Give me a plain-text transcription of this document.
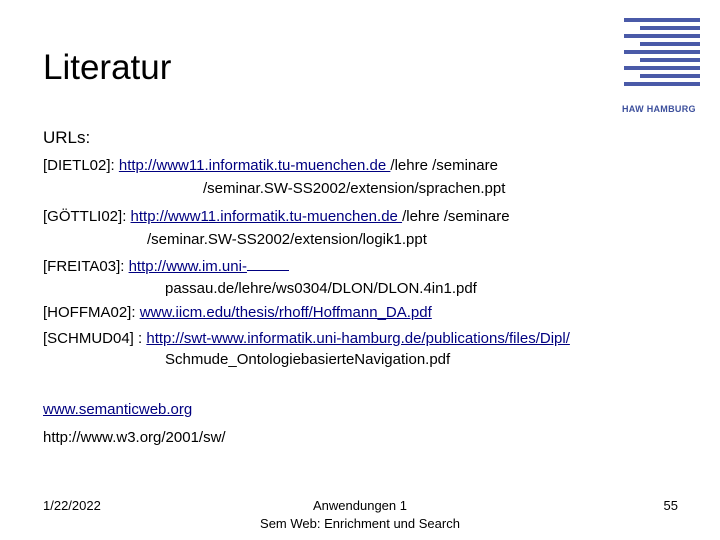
Literatur
HAW HAMBURG
URLs:
[DIETL02]: http://www11.informatik.tu-muenchen.de /lehre /seminare
/seminar.SW-SS2002/extension/sprachen.ppt
[GÖTTLI02]: http://www11.informatik.tu-muenchen.de /lehre /seminare
/seminar.SW-SS2002/extension/logik1.ppt
[FREITA03]: http://www.im.uni-
passau.de/lehre/ws0304/DLON/DLON.4in1.pdf
[HOFFMA02]: www.iicm.edu/thesis/rhoff/Hoffmann_DA.pdf
[SCHMUD04] : http://swt-www.informatik.uni-hamburg.de/publications/files/Dipl/
Schmude_OntologiebasierteNavigation.pdf
www.semanticweb.org
http://www.w3.org/2001/sw/
1/22/2022	Anwendungen 1
Sem Web: Enrichment und Search
55
